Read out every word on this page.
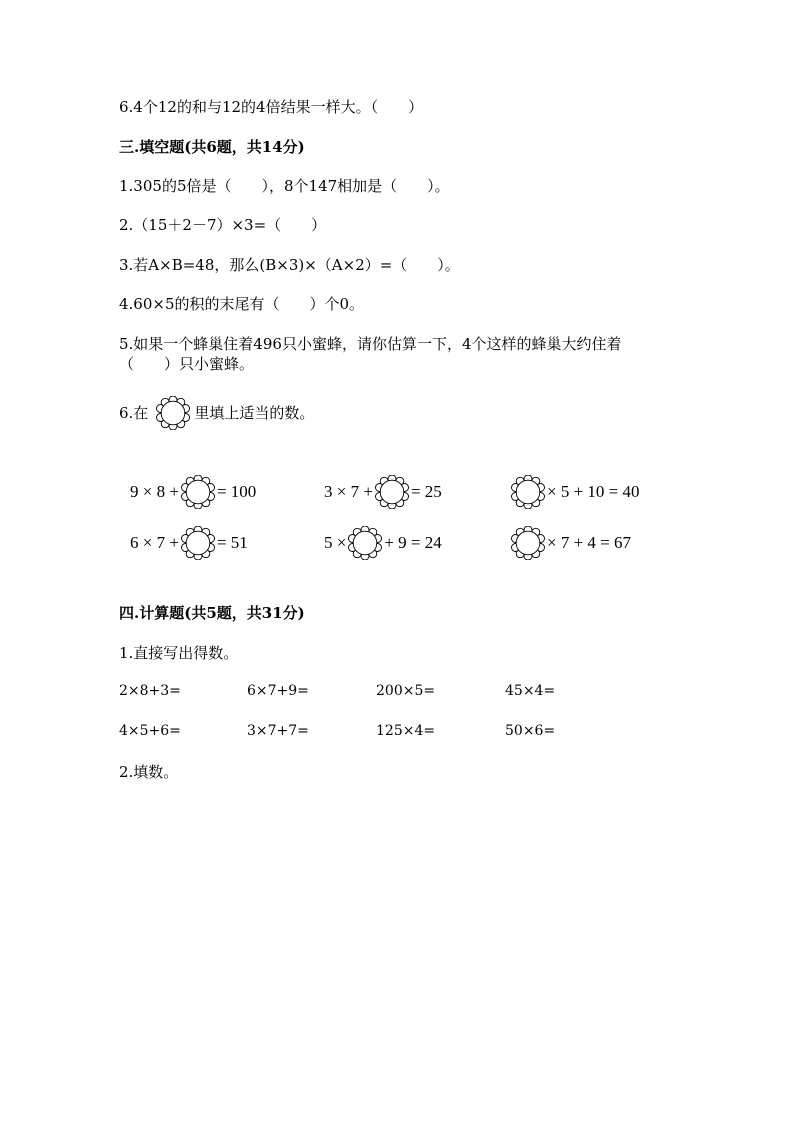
6.4个12的和与12的4倍结果一样大。（　　）
三.填空题(共6题，共14分)
1.305的5倍是（　　），8个147相加是（　　）。
2.（15＋2－7）×3=（　　）
3.若A×B=48，那么(B×3)×（A×2）=（　　）。
4.60×5的积的末尾有（　　）个0。
5.如果一个蜂巢住着496只小蜜蜂，请你估算一下，4个这样的蜂巢大约住着
（　　）只小蜜蜂。
6.在	里填上适当的数。
9 × 8 + = 100	3 × 7 + = 25	× 5 + 10 = 40
6 × 7 + = 51	5 × + 9 = 24	× 7 + 4 = 67
四.计算题(共5题，共31分)
1.直接写出得数。
2×8+3=	6×7+9=	200×5=	45×4=
4×5+6=	3×7+7=	125×4=	50×6=
2.填数。
